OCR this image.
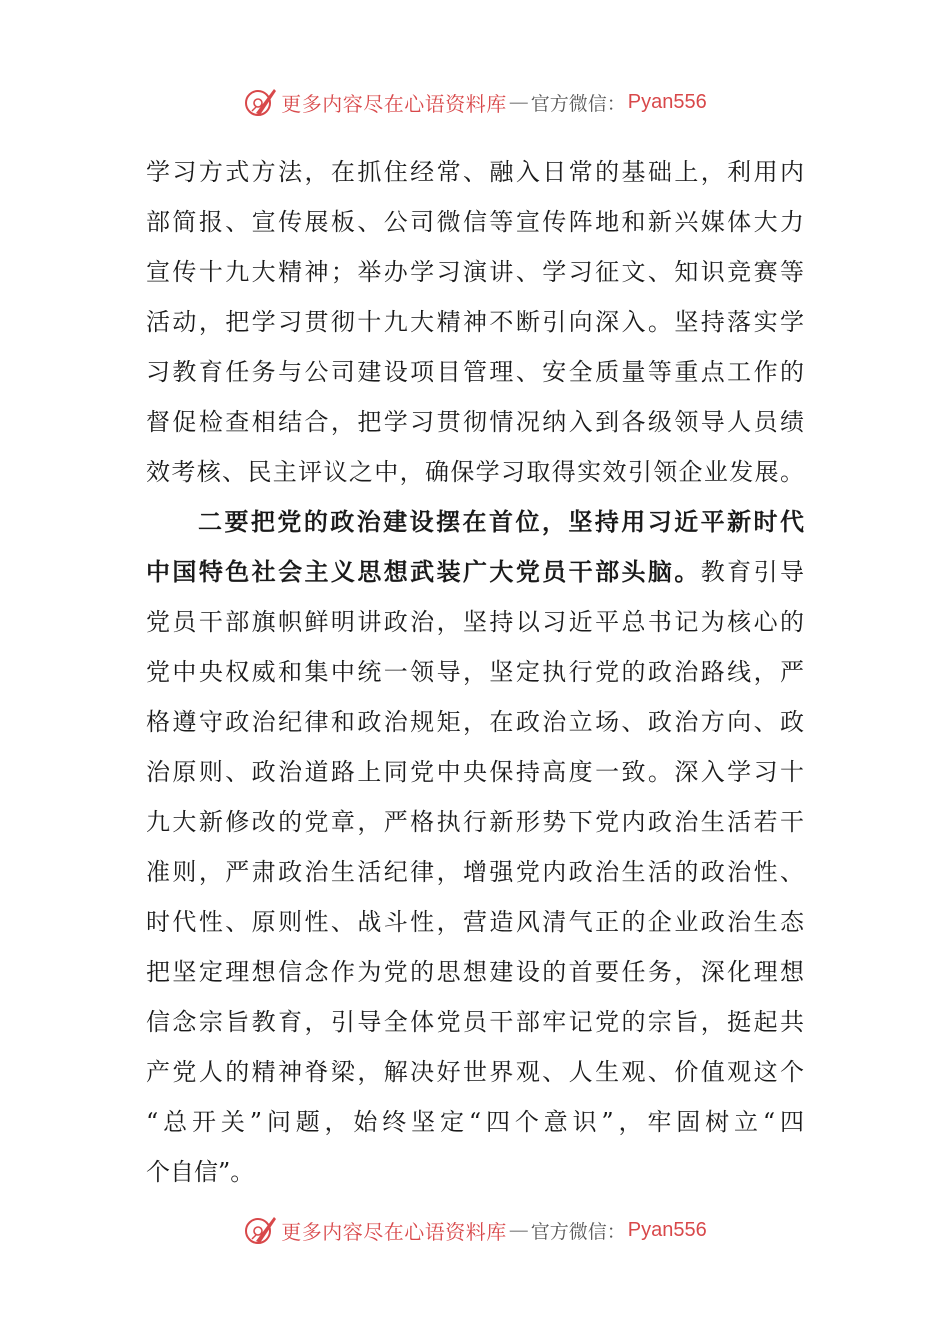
更多内容尽在心语资料库 — 官方微信： Pyan556
学习方式方法，在抓住经常、融入日常的基础上，利用内
部简报、宣传展板、公司微信等宣传阵地和新兴媒体大力
宣传十九大精神；举办学习演讲、学习征文、知识竞赛等
活动，把学习贯彻十九大精神不断引向深入。坚持落实学
习教育任务与公司建设项目管理、安全质量等重点工作的
督促检查相结合，把学习贯彻情况纳入到各级领导人员绩
效考核、民主评议之中，确保学习取得实效引领企业发展。
二要把党的政治建设摆在首位，坚持用习近平新时代
中国特色社会主义思想武装广大党员干部头脑。教育引导
党员干部旗帜鲜明讲政治，坚持以习近平总书记为核心的
党中央权威和集中统一领导，坚定执行党的政治路线，严
格遵守政治纪律和政治规矩，在政治立场、政治方向、政
治原则、政治道路上同党中央保持高度一致。深入学习十
九大新修改的党章，严格执行新形势下党内政治生活若干
准则，严肃政治生活纪律，增强党内政治生活的政治性、
时代性、原则性、战斗性，营造风清气正的企业政治生态
把坚定理想信念作为党的思想建设的首要任务，深化理想
信念宗旨教育，引导全体党员干部牢记党的宗旨，挺起共
产党人的精神脊梁，解决好世界观、人生观、价值观这个
“总开关”问题，始终坚定“四个意识”，牢固树立“四
个自信”。
更多内容尽在心语资料库 — 官方微信： Pyan556
